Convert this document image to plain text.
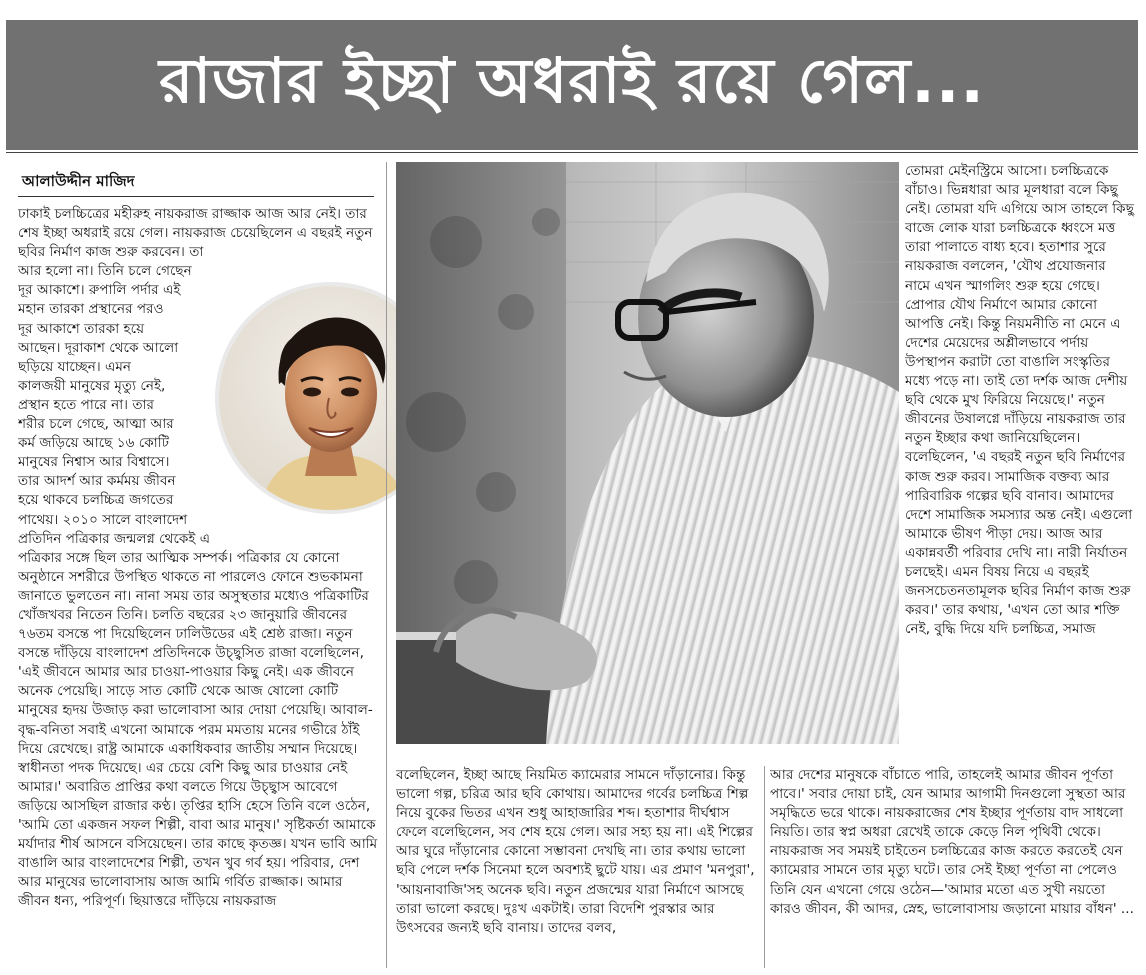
রাজার ইচ্ছা অধরাই রয়ে গেল...
আলাউদ্দীন মাজিদ

ঢাকাই চলচ্চিত্রের মহীরুহ নায়করাজ রাজ্জাক আজ আর নেই। তার শেষ ইচ্ছা অধরাই রয়ে গেল। নায়করাজ চেয়েছিলেন এ বছরই নতুন ছবির নির্মাণ কাজ শুরু করবেন। তা আর হলো না। তিনি চলে গেছেন দূর আকাশে। রুপালি পর্দার এই মহান তারকা প্রস্থানের পরও দূর আকাশে তারকা হয়ে আছেন। দূরাকাশ থেকে আলো ছড়িয়ে যাচ্ছেন। এমন কালজয়ী মানুষের মৃত্যু নেই, প্রস্থান হতে পারে না। তার শরীর চলে গেছে, আত্মা আর কর্ম জড়িয়ে আছে ১৬ কোটি মানুষের নিশ্বাস আর বিশ্বাসে। তার আদর্শ আর কর্মময় জীবন হয়ে থাকবে চলচ্চিত্র জগতের পাথেয়। ২০১০ সালে বাংলাদেশ প্রতিদিন পত্রিকার জন্মলগ্ন থেকেই এ পত্রিকার সঙ্গে ছিল তার আত্মিক সম্পর্ক। পত্রিকার যে কোনো অনুষ্ঠানে সশরীরে উপস্থিত থাকতে না পারলেও ফোনে শুভকামনা জানাতে ভুলতেন না। নানা সময় তার অসুস্থতার মধ্যেও পত্রিকাটির খোঁজখবর নিতেন তিনি। চলতি বছরের ২৩ জানুয়ারি জীবনের ৭৬তম বসন্তে পা দিয়েছিলেন ঢালিউডের এই শ্রেষ্ঠ রাজা। নতুন বসন্তে দাঁড়িয়ে বাংলাদেশ প্রতিদিনকে উচ্ছ্বসিত রাজা বলেছিলেন, 'এই জীবনে আমার আর চাওয়া-পাওয়ার কিছু নেই। এক জীবনে অনেক পেয়েছি। সাড়ে সাত কোটি থেকে আজ ষোলো কোটি মানুষের হৃদয় উজাড় করা ভালোবাসা আর দোয়া পেয়েছি। আবাল-বৃদ্ধ-বনিতা সবাই এখনো আমাকে পরম মমতায় মনের গভীরে ঠাঁই দিয়ে রেখেছে। রাষ্ট্র আমাকে একাধিকবার জাতীয় সম্মান দিয়েছে। স্বাধীনতা পদক দিয়েছে। এর চেয়ে বেশি কিছু আর চাওয়ার নেই আমার।' অবারিত প্রাপ্তির কথা বলতে গিয়ে উচ্ছ্বাস আবেগে জড়িয়ে আসছিল রাজার কণ্ঠ। তৃপ্তির হাসি হেসে তিনি বলে ওঠেন, 'আমি তো একজন সফল শিল্পী, বাবা আর মানুষ।' সৃষ্টিকর্তা আমাকে মর্যাদার শীর্ষ আসনে বসিয়েছেন। তার কাছে কৃতজ্ঞ। যখন ভাবি আমি বাঙালি আর বাংলাদেশের শিল্পী, তখন খুব গর্ব হয়। পরিবার, দেশ আর মানুষের ভালোবাসায় আজ আমি গর্বিত রাজ্জাক। আমার জীবন ধন্য, পরিপূর্ণ। ছিয়াত্তরে দাঁড়িয়ে নায়করাজ

বলেছিলেন, ইচ্ছা আছে নিয়মিত ক্যামেরার সামনে দাঁড়ানোর। কিন্তু ভালো গল্প, চরিত্র আর ছবি কোথায়। আমাদের গর্বের চলচ্চিত্র শিল্প নিয়ে বুকের ভিতর এখন শুধু আহাজারির শব্দ। হতাশার দীর্ঘশ্বাস ফেলে বলেছিলেন, সব শেষ হয়ে গেল। আর সহ্য হয় না। এই শিল্পের আর ঘুরে দাঁড়ানোর কোনো সম্ভাবনা দেখছি না। তার কথায় ভালো ছবি পেলে দর্শক সিনেমা হলে অবশ্যই ছুটে যায়। এর প্রমাণ 'মনপুরা', 'আয়নাবাজি'সহ অনেক ছবি। নতুন প্রজন্মের যারা নির্মাণে আসছে তারা ভালো করছে। দুঃখ একটাই। তারা বিদেশি পুরস্কার আর উৎসবের জন্যই ছবি বানায়। তাদের বলব,

তোমরা মেইনস্ট্রিমে আসো। চলচ্চিত্রকে বাঁচাও। ভিন্নধারা আর মূলধারা বলে কিছু নেই। তোমরা যদি এগিয়ে আস তাহলে কিছু বাজে লোক যারা চলচ্চিত্রকে ধ্বংসে মত্ত তারা পালাতে বাধ্য হবে। হতাশার সুরে নায়করাজ বললেন, 'যৌথ প্রযোজনার নামে এখন স্মাগলিং শুরু হয়ে গেছে। প্রোপার যৌথ নির্মাণে আমার কোনো আপত্তি নেই। কিন্তু নিয়মনীতি না মেনে এ দেশের মেয়েদের অশ্লীলভাবে পর্দায় উপস্থাপন করাটা তো বাঙালি সংস্কৃতির মধ্যে পড়ে না। তাই তো দর্শক আজ দেশীয় ছবি থেকে মুখ ফিরিয়ে নিয়েছে।' নতুন জীবনের উষালগ্নে দাঁড়িয়ে নায়করাজ তার নতুন ইচ্ছার কথা জানিয়েছিলেন। বলেছিলেন, 'এ বছরই নতুন ছবি নির্মাণের কাজ শুরু করব। সামাজিক বক্তব্য আর পারিবারিক গল্পের ছবি বানাব। আমাদের দেশে সামাজিক সমস্যার অন্ত নেই। এগুলো আমাকে ভীষণ পীড়া দেয়। আজ আর একান্নবর্তী পরিবার দেখি না। নারী নির্যাতন চলছেই। এমন বিষয় নিয়ে এ বছরই জনসচেতনতামূলক ছবির নির্মাণ কাজ শুরু করব।' তার কথায়, 'এখন তো আর শক্তি নেই, বুদ্ধি দিয়ে যদি চলচ্চিত্র, সমাজ

আর দেশের মানুষকে বাঁচাতে পারি, তাহলেই আমার জীবন পূর্ণতা পাবে।' সবার দোয়া চাই, যেন আমার আগামী দিনগুলো সুস্থতা আর সমৃদ্ধিতে ভরে থাকে। নায়করাজের শেষ ইচ্ছার পূর্ণতায় বাদ সাধলো নিয়তি। তার স্বপ্ন অধরা রেখেই তাকে কেড়ে নিল পৃথিবী থেকে। নায়করাজ সব সময়ই চাইতেন চলচ্চিত্রের কাজ করতে করতেই যেন ক্যামেরার সামনে তার মৃত্যু ঘটে। তার সেই ইচ্ছা পূর্ণতা না পেলেও তিনি যেন এখনো গেয়ে ওঠেন—'আমার মতো এত সুখী নয়তো কারও জীবন, কী আদর, স্নেহ, ভালোবাসায় জড়ানো মায়ার বাঁধন' ...
